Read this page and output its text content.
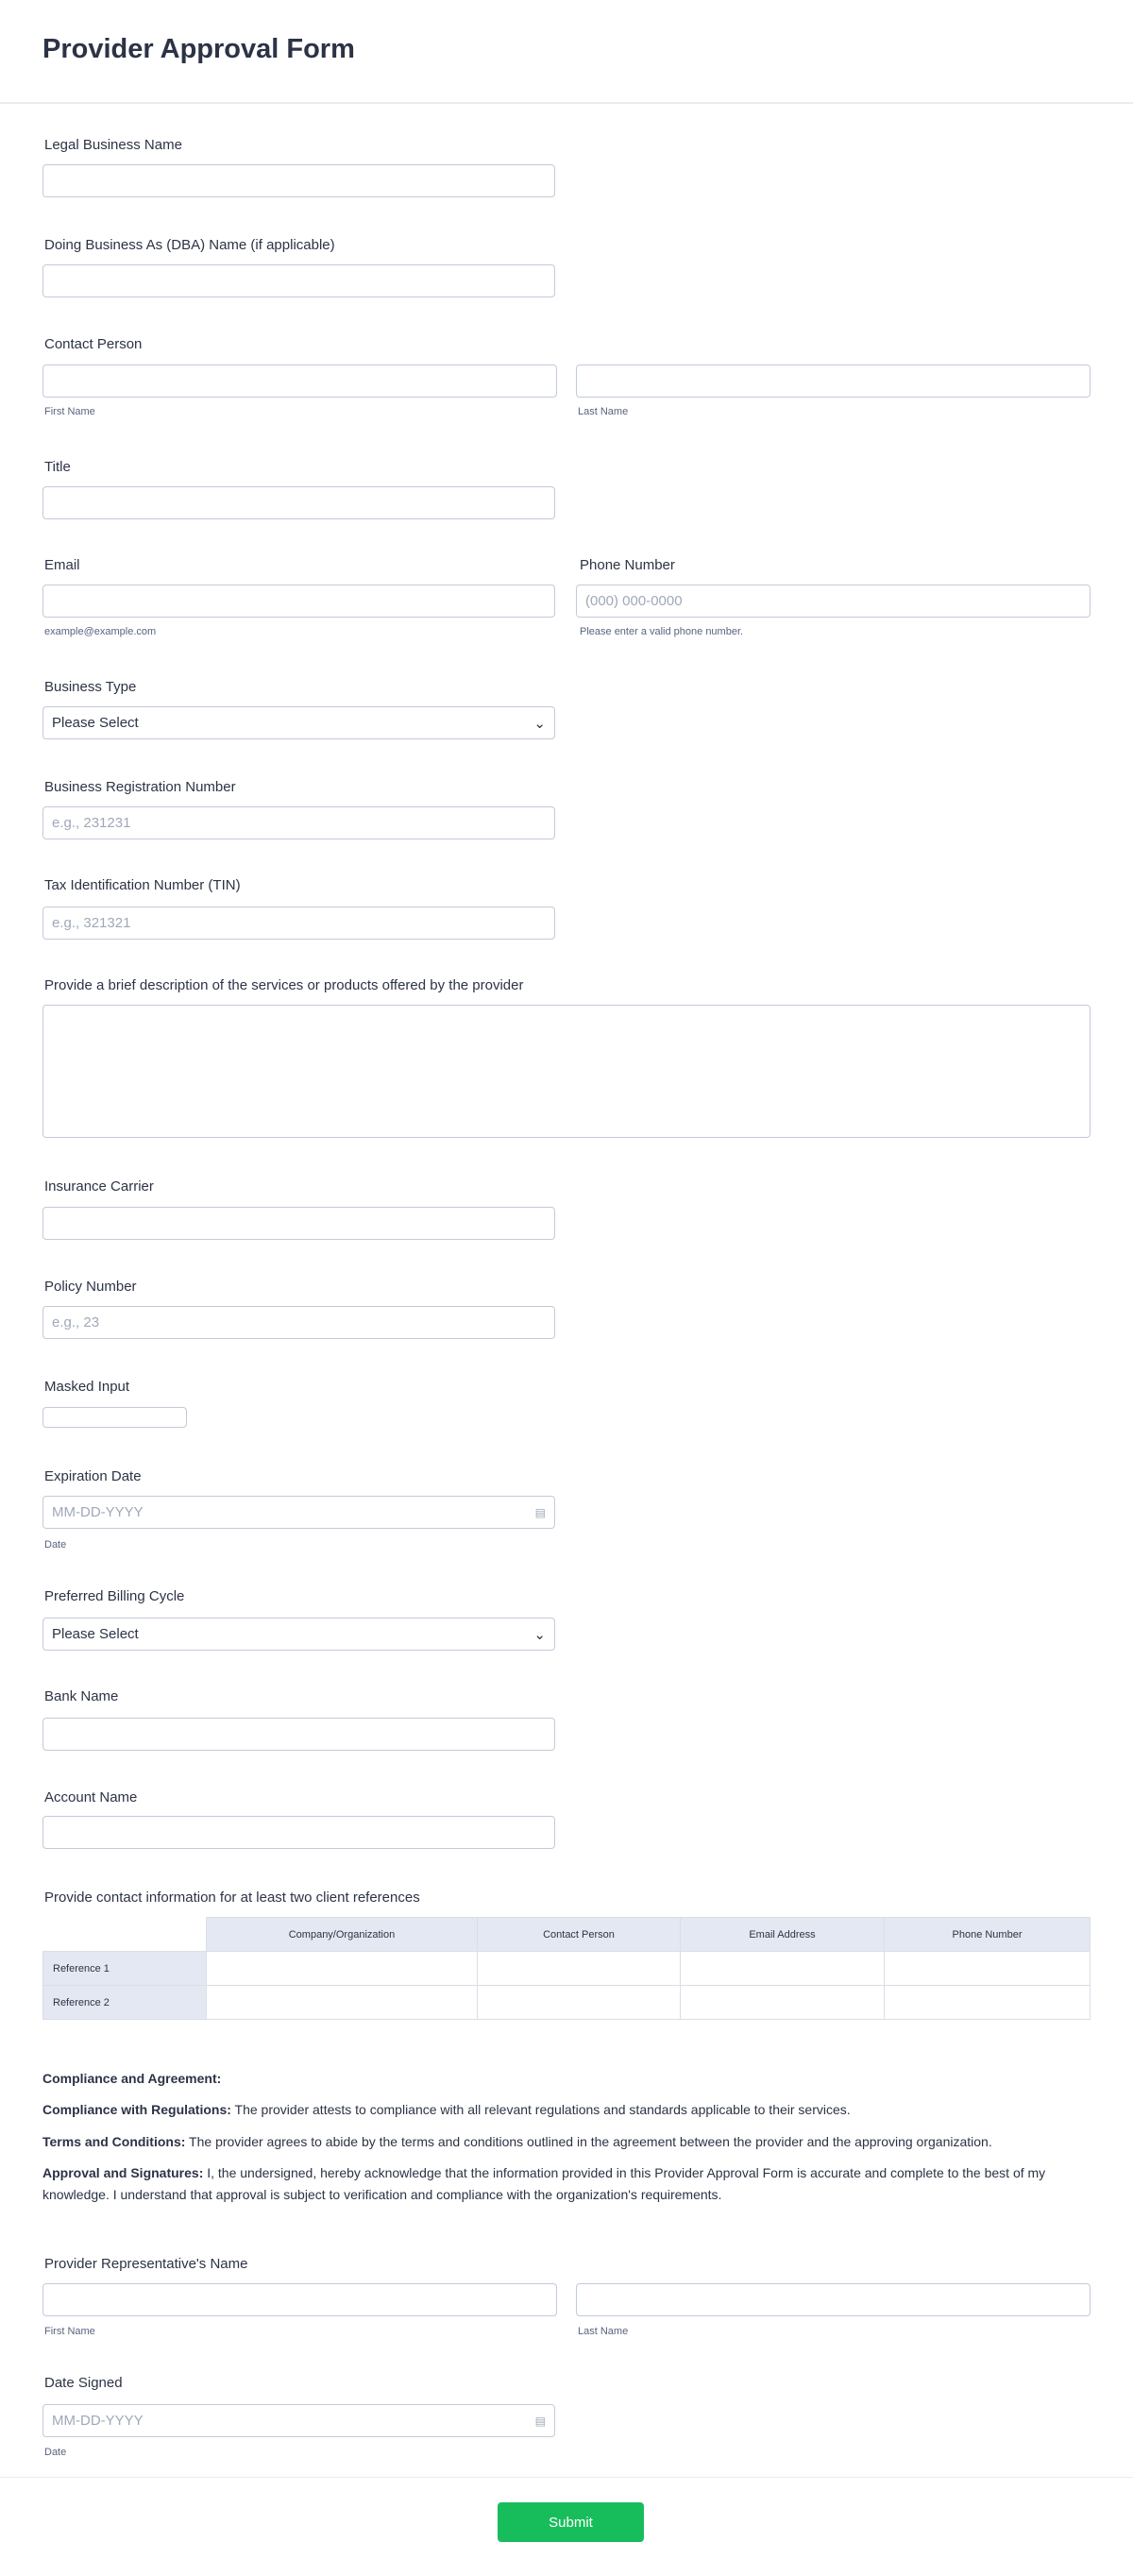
Provider Approval Form
Legal Business Name
Doing Business As (DBA) Name (if applicable)
Contact Person
First Name	Last Name
Title
Email
example@example.com
Phone Number
(000) 000-0000
Please enter a valid phone number.
Business Type
Please Select	⌄
Business Registration Number
e.g., 231231
Tax Identification Number (TIN)
e.g., 321321
Provide a brief description of the services or products offered by the provider
Insurance Carrier
Policy Number
e.g., 23
Masked Input
Expiration Date
MM-DD-YYYY	▤
Date
Preferred Billing Cycle
Please Select	⌄
Bank Name
Account Name
Provide contact information for at least two client references
	Company/Organization	Contact Person	Email Address	Phone Number
Reference 1				
Reference 2				
Compliance and Agreement:

Compliance with Regulations: The provider attests to compliance with all relevant regulations and standards applicable to their services.

Terms and Conditions: The provider agrees to abide by the terms and conditions outlined in the agreement between the provider and the approving organization.

Approval and Signatures: I, the undersigned, hereby acknowledge that the information provided in this Provider Approval Form is accurate and complete to the best of my knowledge. I understand that approval is subject to verification and compliance with the organization's requirements.

Provider Representative's Name
First Name	Last Name
Date Signed
MM-DD-YYYY	▤
Date
Submit
